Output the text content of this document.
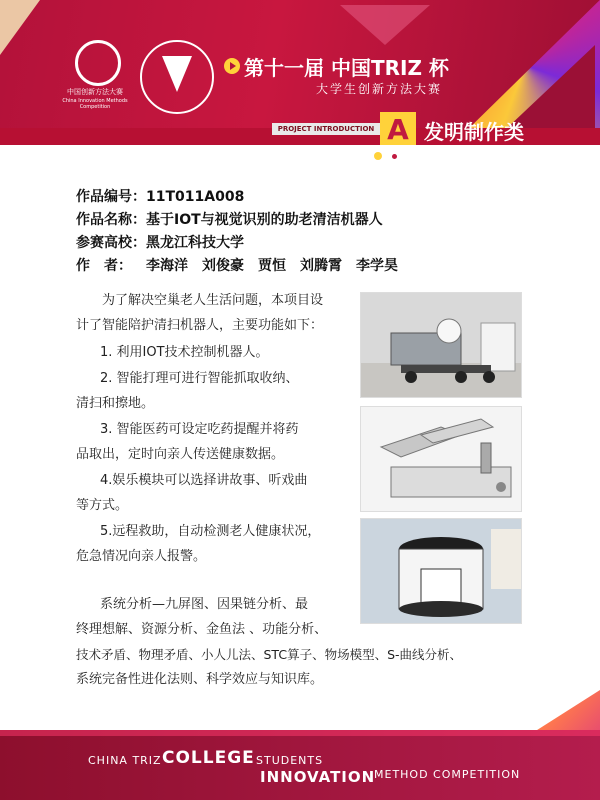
中国创新方法大赛
China Innovation Methods Competition
第十一届 中国TRIZ 杯
大学生创新方法大赛
PROJECT INTRODUCTION A 发明制作类
作品编号：11T011A008
作品名称：基于IOT与视觉识别的助老清洁机器人
参赛高校：黑龙江科技大学
作 者： 李海洋　刘俊豪　贾恒　刘腾霄　李学昊
为了解决空巢老人生活问题，本项目设
计了智能陪护清扫机器人，主要功能如下：
1. 利用IOT技术控制机器人。
2. 智能打理可进行智能抓取收纳、
清扫和擦地。
3. 智能医药可设定吃药提醒并将药
品取出，定时向亲人传送健康数据。
4.娱乐模块可以选择讲故事、听戏曲
等方式。
5.远程救助，自动检测老人健康状况，
危急情况向亲人报警。
系统分析—九屏图、因果链分析、最
终理想解、资源分析、金鱼法 、功能分析、
技术矛盾、物理矛盾、小人儿法、STC算子、物场模型、S-曲线分析、
系统完备性进化法则、科学效应与知识库。
CHINA TRIZ COLLEGE STUDENTS
INNOVATION
METHOD COMPETITION
